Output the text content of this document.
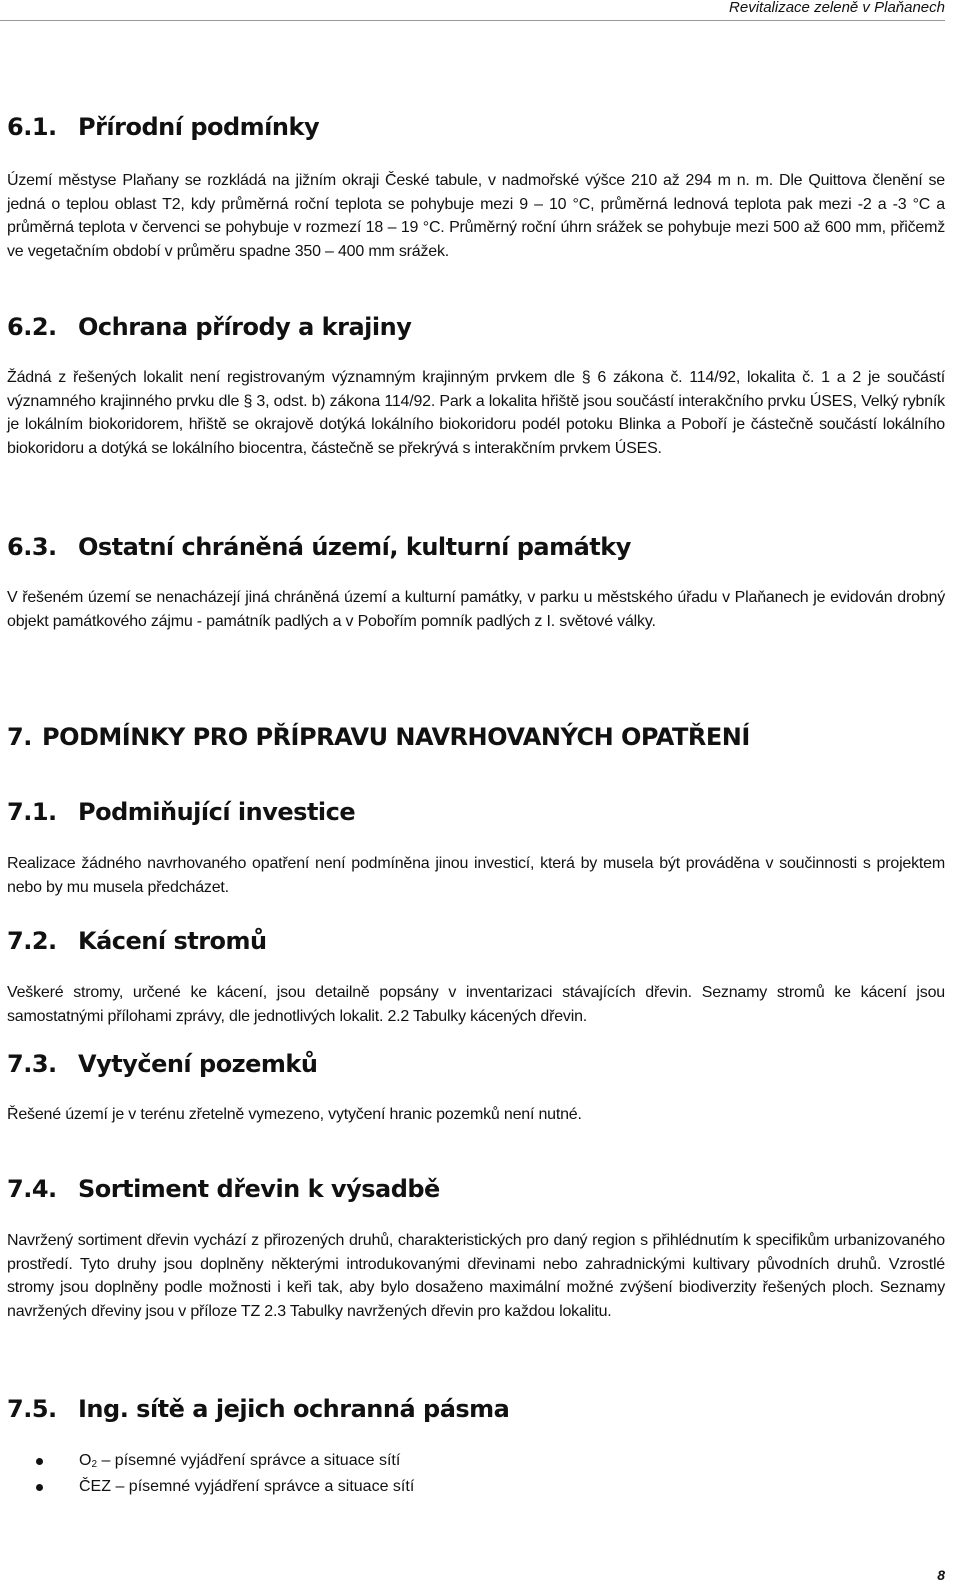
Revitalizace zeleně v Plaňanech
6.1. Přírodní podmínky

Území městyse Plaňany se rozkládá na jižním okraji České tabule, v nadmořské výšce 210 až 294 m n. m. Dle Quittova členění se jedná o teplou oblast T2, kdy průměrná roční teplota se pohybuje mezi 9 – 10 °C, průměrná lednová teplota pak mezi -2 a -3 °C a průměrná teplota v červenci se pohybuje v rozmezí 18 – 19 °C. Průměrný roční úhrn srážek se pohybuje mezi 500 až 600 mm, přičemž ve vegetačním období v průměru spadne 350 – 400 mm srážek.

6.2. Ochrana přírody a krajiny

Žádná z řešených lokalit není registrovaným významným krajinným prvkem dle § 6 zákona č. 114/92, lokalita č. 1 a 2 je součástí významného krajinného prvku dle § 3, odst. b) zákona 114/92. Park a lokalita hřiště jsou součástí interakčního prvku ÚSES, Velký rybník je lokálním biokoridorem, hřiště se okrajově dotýká lokálního biokoridoru podél potoku Blinka a Poboří je částečně součástí lokálního biokoridoru a dotýká se lokálního biocentra, částečně se překrývá s interakčním prvkem ÚSES.

6.3. Ostatní chráněná území, kulturní památky

V řešeném území se nenacházejí jiná chráněná území a kulturní památky, v parku u městského úřadu v Plaňanech je evidován drobný objekt památkového zájmu - památník padlých a v Pobořím pomník padlých z I. světové války.

7. PODMÍNKY PRO PŘÍPRAVU NAVRHOVANÝCH OPATŘENÍ
7.1. Podmiňující investice

Realizace žádného navrhovaného opatření není podmíněna jinou investicí, která by musela být prováděna v součinnosti s projektem nebo by mu musela předcházet.

7.2. Kácení stromů

Veškeré stromy, určené ke kácení, jsou detailně popsány v inventarizaci stávajících dřevin. Seznamy stromů ke kácení jsou samostatnými přílohami zprávy, dle jednotlivých lokalit. 2.2 Tabulky kácených dřevin.

7.3. Vytyčení pozemků

Řešené území je v terénu zřetelně vymezeno, vytyčení hranic pozemků není nutné.

7.4. Sortiment dřevin k výsadbě

Navržený sortiment dřevin vychází z přirozených druhů, charakteristických pro daný region s přihlédnutím k specifikům urbanizovaného prostředí. Tyto druhy jsou doplněny některými introdukovanými dřevinami nebo zahradnickými kultivary původních druhů. Vzrostlé stromy jsou doplněny podle možnosti i keři tak, aby bylo dosaženo maximální možné zvýšení biodiverzity řešených ploch. Seznamy navržených dřeviny jsou v příloze TZ 2.3 Tabulky navržených dřevin pro každou lokalitu.

7.5. Ing. sítě a jejich ochranná pásma
$O_2$ – písemné vyjádření správce a situace sítí
ČEZ – písemné vyjádření správce a situace sítí
8
